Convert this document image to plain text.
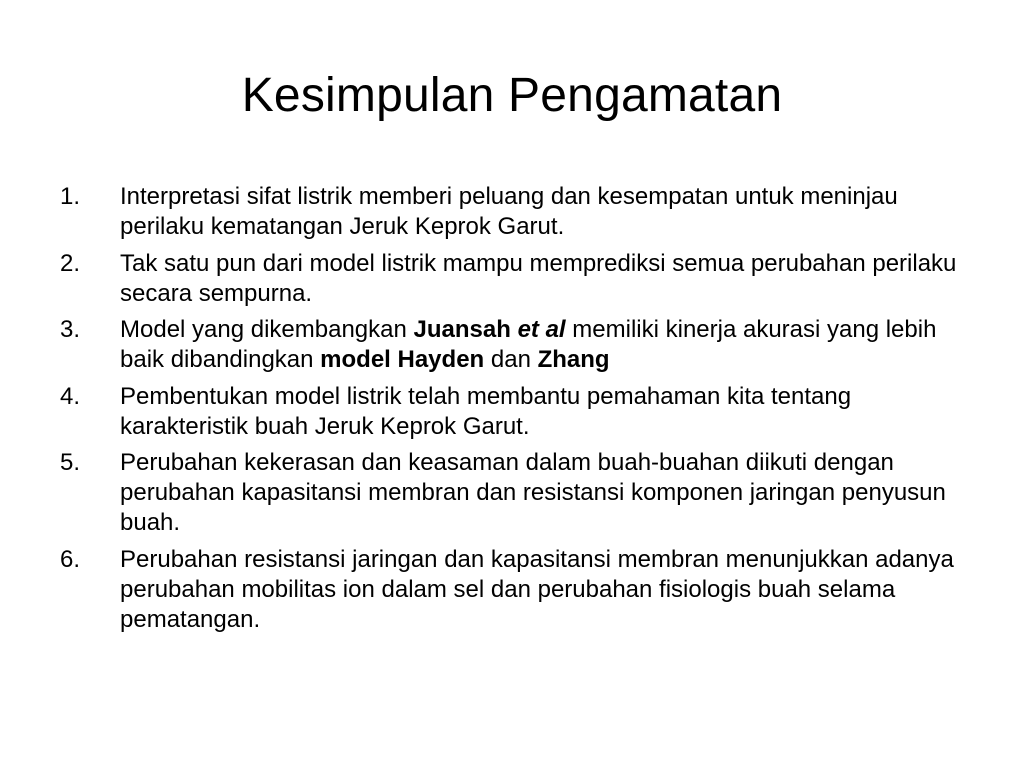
Kesimpulan Pengamatan
1.	Interpretasi sifat listrik memberi peluang dan kesempatan untuk meninjau perilaku kematangan Jeruk Keprok Garut.
2.	Tak satu pun dari model listrik mampu memprediksi semua perubahan perilaku secara sempurna.
3.	Model yang dikembangkan Juansah et al memiliki kinerja akurasi yang lebih baik dibandingkan model Hayden dan Zhang
4.	Pembentukan model listrik telah membantu pemahaman kita tentang karakteristik buah Jeruk Keprok Garut.
5.	Perubahan kekerasan dan keasaman dalam buah-buahan diikuti dengan perubahan kapasitansi membran dan resistansi komponen jaringan penyusun buah.
6.	Perubahan resistansi jaringan dan kapasitansi membran menunjukkan adanya perubahan mobilitas ion dalam sel dan perubahan fisiologis buah selama pematangan.
